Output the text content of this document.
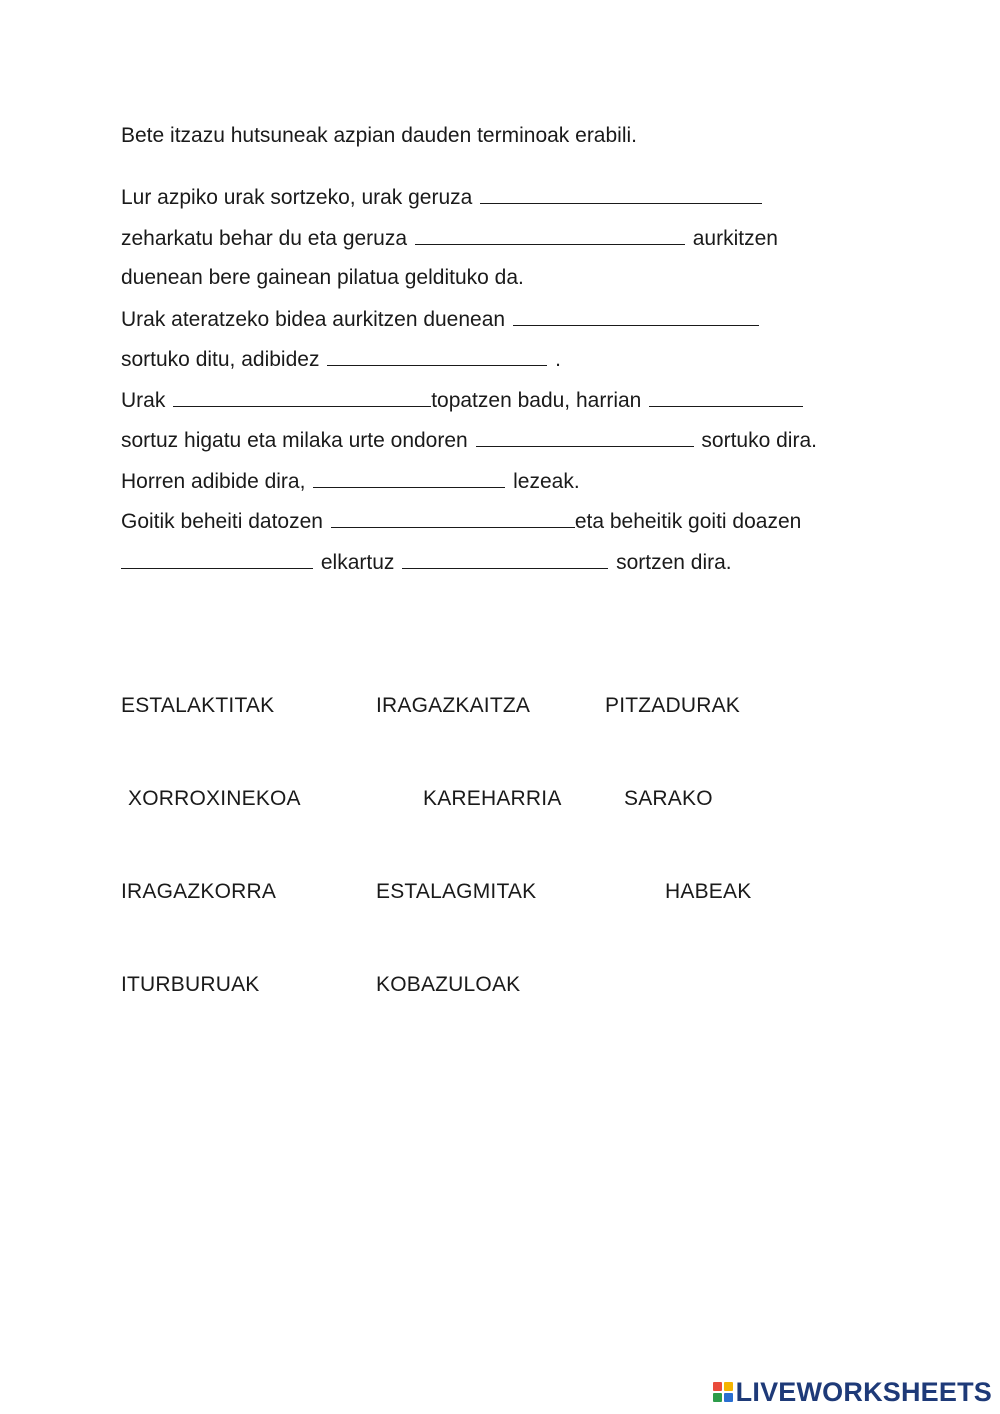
Bete itzazu hutsuneak azpian dauden terminoak erabili.
Lur azpiko urak sortzeko, urak geruza
zeharkatu behar du eta geruza	aurkitzen
duenean bere gainean pilatua geldituko da.
Urak ateratzeko bidea aurkitzen duenean
sortuko ditu, adibidez	.
Urak	topatzen badu, harrian
sortuz higatu eta milaka urte ondoren	sortuko dira.
Horren adibide dira,	lezeak.
Goitik beheiti datozen	eta beheitik goiti doazen
elkartuz	sortzen dira.
ESTALAKTITAK	IRAGAZKAITZA	PITZADURAK
XORROXINEKOA	KAREHARRIA	SARAKO
IRAGAZKORRA	ESTALAGMITAK	HABEAK
ITURBURUAK	KOBAZULOAK
LIVEWORKSHEETS
